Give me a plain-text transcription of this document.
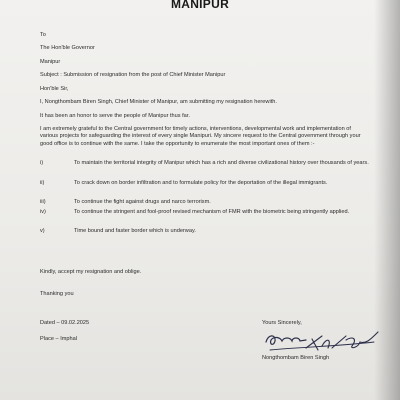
MANIPUR
To
The Hon'ble Governor
Manipur
Subject : Submission of resignation from the post of Chief Minister Manipur
Hon'ble Sir,
I, Nongthombam Biren Singh, Chief Minister of Manipur, am submitting my resignation herewith.
It has been an honor to serve the people of Manipur thus far.
I am extremely grateful to the Central government for timely actions, interventions, developmental work and implementation of various projects for safeguarding the interest of every single Manipuri. My sincere request to the Central government through your good office is to continue with the same. I take the opportunity to enumerate the most important ones of them :-
i)	To maintain the territorial integrity of Manipur which has a rich and diverse civilizational history over thousands of years.
ii)	To crack down on border infiltration and to formulate policy for the deportation of the illegal immigrants.
iii)	To continue the fight against drugs and narco terrorism.
iv)	To continue the stringent and fool-proof revised mechanism of FMR with the biometric being stringently applied.
v)	Time bound and faster border which is underway.
Kindly, accept my resignation and oblige.
Thanking you
Dated – 09.02.2025
Place – Imphal
Yours Sincerely,
Nongthombam Biren Singh
